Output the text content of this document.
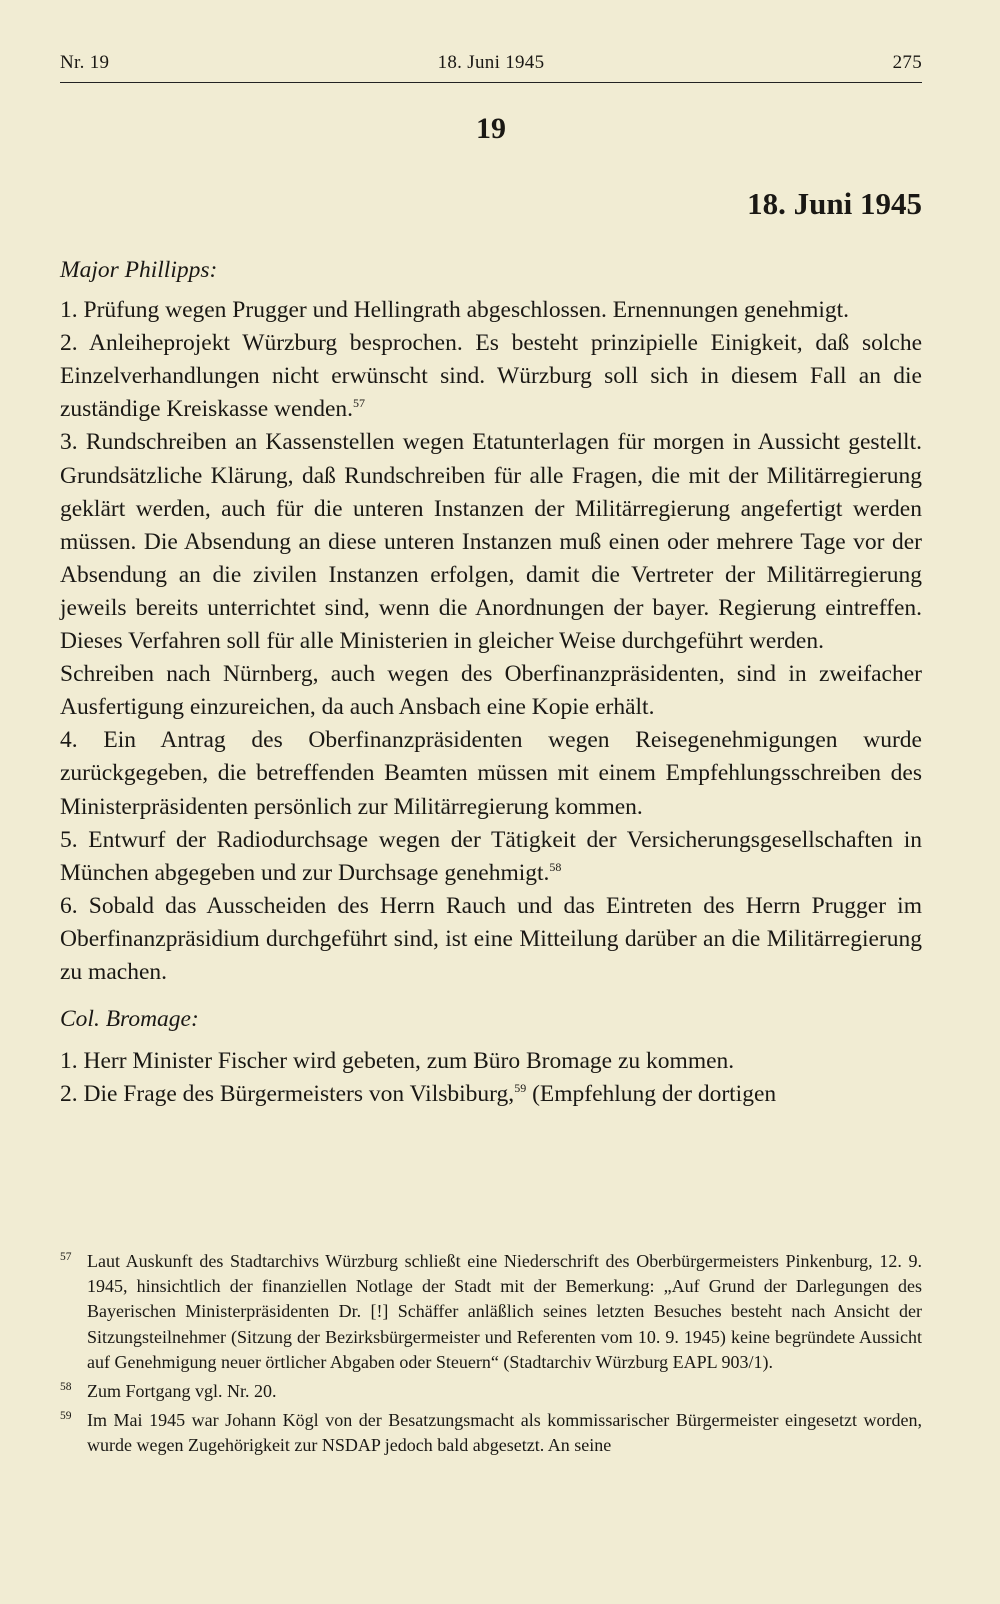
Nr. 19	18. Juni 1945	275
19
18. Juni 1945

Major Phillipps:

1. Prüfung wegen Prugger und Hellingrath abgeschlossen. Ernennungen genehmigt.

2. Anleiheprojekt Würzburg besprochen. Es besteht prinzipielle Einigkeit, daß solche Einzelverhandlungen nicht erwünscht sind. Würzburg soll sich in diesem Fall an die zuständige Kreiskasse wenden.$^{57}$

3. Rundschreiben an Kassenstellen wegen Etatunterlagen für morgen in Aussicht gestellt. Grundsätzliche Klärung, daß Rundschreiben für alle Fragen, die mit der Militärregierung geklärt werden, auch für die unteren Instanzen der Militärregierung angefertigt werden müssen. Die Absendung an diese unteren Instanzen muß einen oder mehrere Tage vor der Absendung an die zivilen Instanzen erfolgen, damit die Vertreter der Militärregierung jeweils bereits unterrichtet sind, wenn die Anordnungen der bayer. Regierung eintreffen. Dieses Verfahren soll für alle Ministerien in gleicher Weise durchgeführt werden.

Schreiben nach Nürnberg, auch wegen des Oberfinanzpräsidenten, sind in zweifacher Ausfertigung einzureichen, da auch Ansbach eine Kopie erhält.

4. Ein Antrag des Oberfinanzpräsidenten wegen Reisegenehmigungen wurde zurückgegeben, die betreffenden Beamten müssen mit einem Empfehlungsschreiben des Ministerpräsidenten persönlich zur Militärregierung kommen.

5. Entwurf der Radiodurchsage wegen der Tätigkeit der Versicherungsgesellschaften in München abgegeben und zur Durchsage genehmigt.$^{58}$

6. Sobald das Ausscheiden des Herrn Rauch und das Eintreten des Herrn Prugger im Oberfinanzpräsidium durchgeführt sind, ist eine Mitteilung darüber an die Militärregierung zu machen.

Col. Bromage:

1. Herr Minister Fischer wird gebeten, zum Büro Bromage zu kommen.

2. Die Frage des Bürgermeisters von Vilsbiburg,$^{59}$ (Empfehlung der dortigen

57 Laut Auskunft des Stadtarchivs Würzburg schließt eine Niederschrift des Oberbürgermeisters Pinkenburg, 12. 9. 1945, hinsichtlich der finanziellen Notlage der Stadt mit der Bemerkung: „Auf Grund der Darlegungen des Bayerischen Ministerpräsidenten Dr. [!] Schäffer anläßlich seines letzten Besuches besteht nach Ansicht der Sitzungsteilnehmer (Sitzung der Bezirksbürgermeister und Referenten vom 10. 9. 1945) keine begründete Aussicht auf Genehmigung neuer örtlicher Abgaben oder Steuern“ (Stadtarchiv Würzburg EAPL 903/1).

58 Zum Fortgang vgl. Nr. 20.

59 Im Mai 1945 war Johann Kögl von der Besatzungsmacht als kommissarischer Bürgermeister eingesetzt worden, wurde wegen Zugehörigkeit zur NSDAP jedoch bald abgesetzt. An seine
